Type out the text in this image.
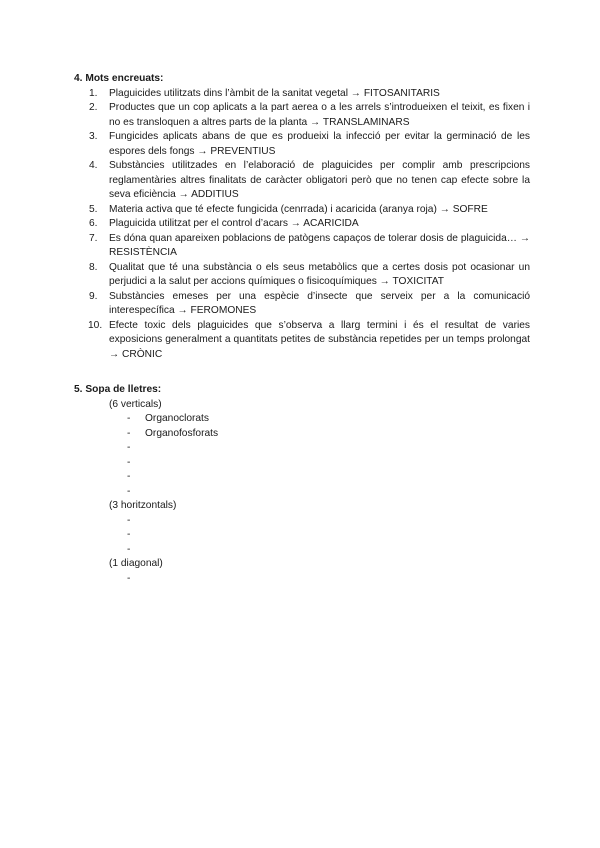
4. Mots encreuats:

1. Plaguicides utilitzats dins l’àmbit de la sanitat vegetal → FITOSANITARIS
2. Productes que un cop aplicats a la part aerea o a les arrels s’introdueixen el teixit, es fixen i no es transloquen a altres parts de la planta → TRANSLAMINARS
3. Fungicides aplicats abans de que es produeixi la infecció per evitar la germinació de les espores dels fongs → PREVENTIUS
4. Substàncies utilitzades en l’elaboració de plaguicides per complir amb prescripcions reglamentàries altres finalitats de caràcter obligatori però que no tenen cap efecte sobre la seva eficiència → ADDITIUS
5. Materia activa que té efecte fungicida (cenrrada) i acaricida (aranya roja) → SOFRE
6. Plaguicida utilitzat per el control d’acars → ACARICIDA
7. Es dóna quan apareixen poblacions de patògens capaços de tolerar dosis de plaguicida… → RESISTÈNCIA
8. Qualitat que té una substància o els seus metabòlics que a certes dosis pot ocasionar un perjudici a la salut per accions químiques o fisicoquímiques → TOXICITAT
9. Substàncies emeses per una espècie d’insecte que serveix per a la comunicació interespecífica → FEROMONES
10. Efecte toxic dels plaguicides que s’observa a llarg termini i és el resultat de varies exposicions generalment a quantitats petites de substància repetides per un temps prolongat → CRÒNIC

5. Sopa de lletres:

(6 verticals)
- Organoclorats
- Organofosforats
-
-
-
-
(3 horitzontals)
-
-
-
(1 diagonal)
-
